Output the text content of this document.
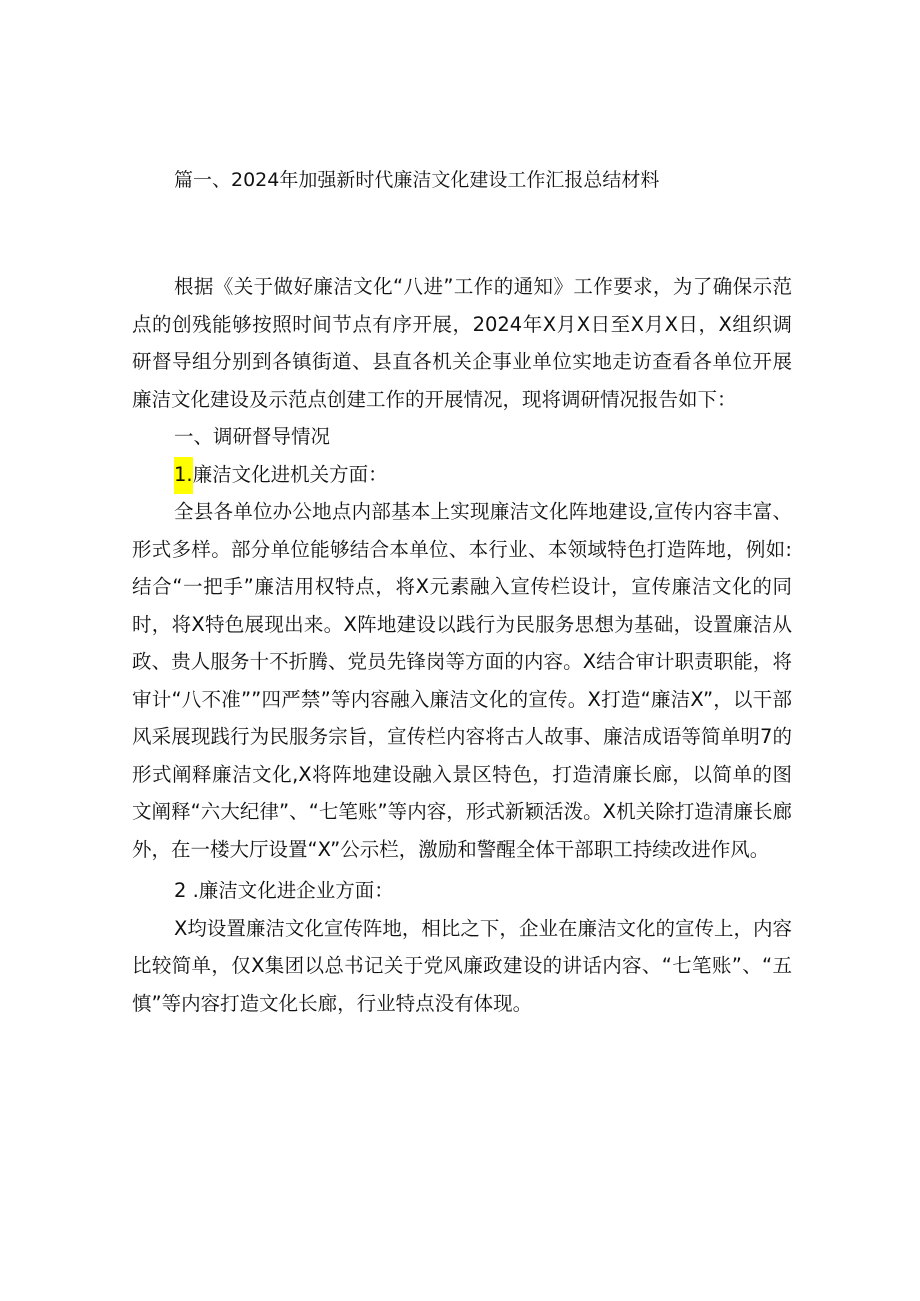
篇一、2024年加强新时代廉洁文化建设工作汇报总结材料

根据《关于做好廉洁文化“八进”工作的通知》工作要求，为了确保示范点的创残能够按照时间节点有序开展，2024年X月X日至X月X日，X组织调研督导组分别到各镇街道、县直各机关企事业单位实地走访查看各单位开展廉洁文化建设及示范点创建工作的开展情况，现将调研情况报告如下：

一、调研督导情况

1.廉洁文化进机关方面：

全县各单位办公地点内部基本上实现廉洁文化阵地建设,宣传内容丰富、形式多样。部分单位能够结合本单位、本行业、本领域特色打造阵地，例如:结合“一把手”廉洁用权特点，将X元素融入宣传栏设计，宣传廉洁文化的同时，将X特色展现出来。X阵地建设以践行为民服务思想为基础，设置廉洁从政、贵人服务十不折腾、党员先锋岗等方面的内容。X结合审计职责职能，将审计“八不准””四严禁”等内容融入廉洁文化的宣传。X打造“廉洁X”，以干部风采展现践行为民服务宗旨，宣传栏内容将古人故事、廉洁成语等简单明7的形式阐释廉洁文化,X将阵地建设融入景区特色，打造清廉长廊，以简单的图文阐释“六大纪律”、“七笔账”等内容，形式新颖活泼。X机关除打造清廉长廊外，在一楼大厅设置“X”公示栏，激励和警醒全体干部职工持续改进作风。

2 .廉洁文化进企业方面：

X均设置廉洁文化宣传阵地，相比之下，企业在廉洁文化的宣传上，内容比较简单，仅X集团以总书记关于党风廉政建设的讲话内容、“七笔账”、“五慎”等内容打造文化长廊，行业特点没有体现。
